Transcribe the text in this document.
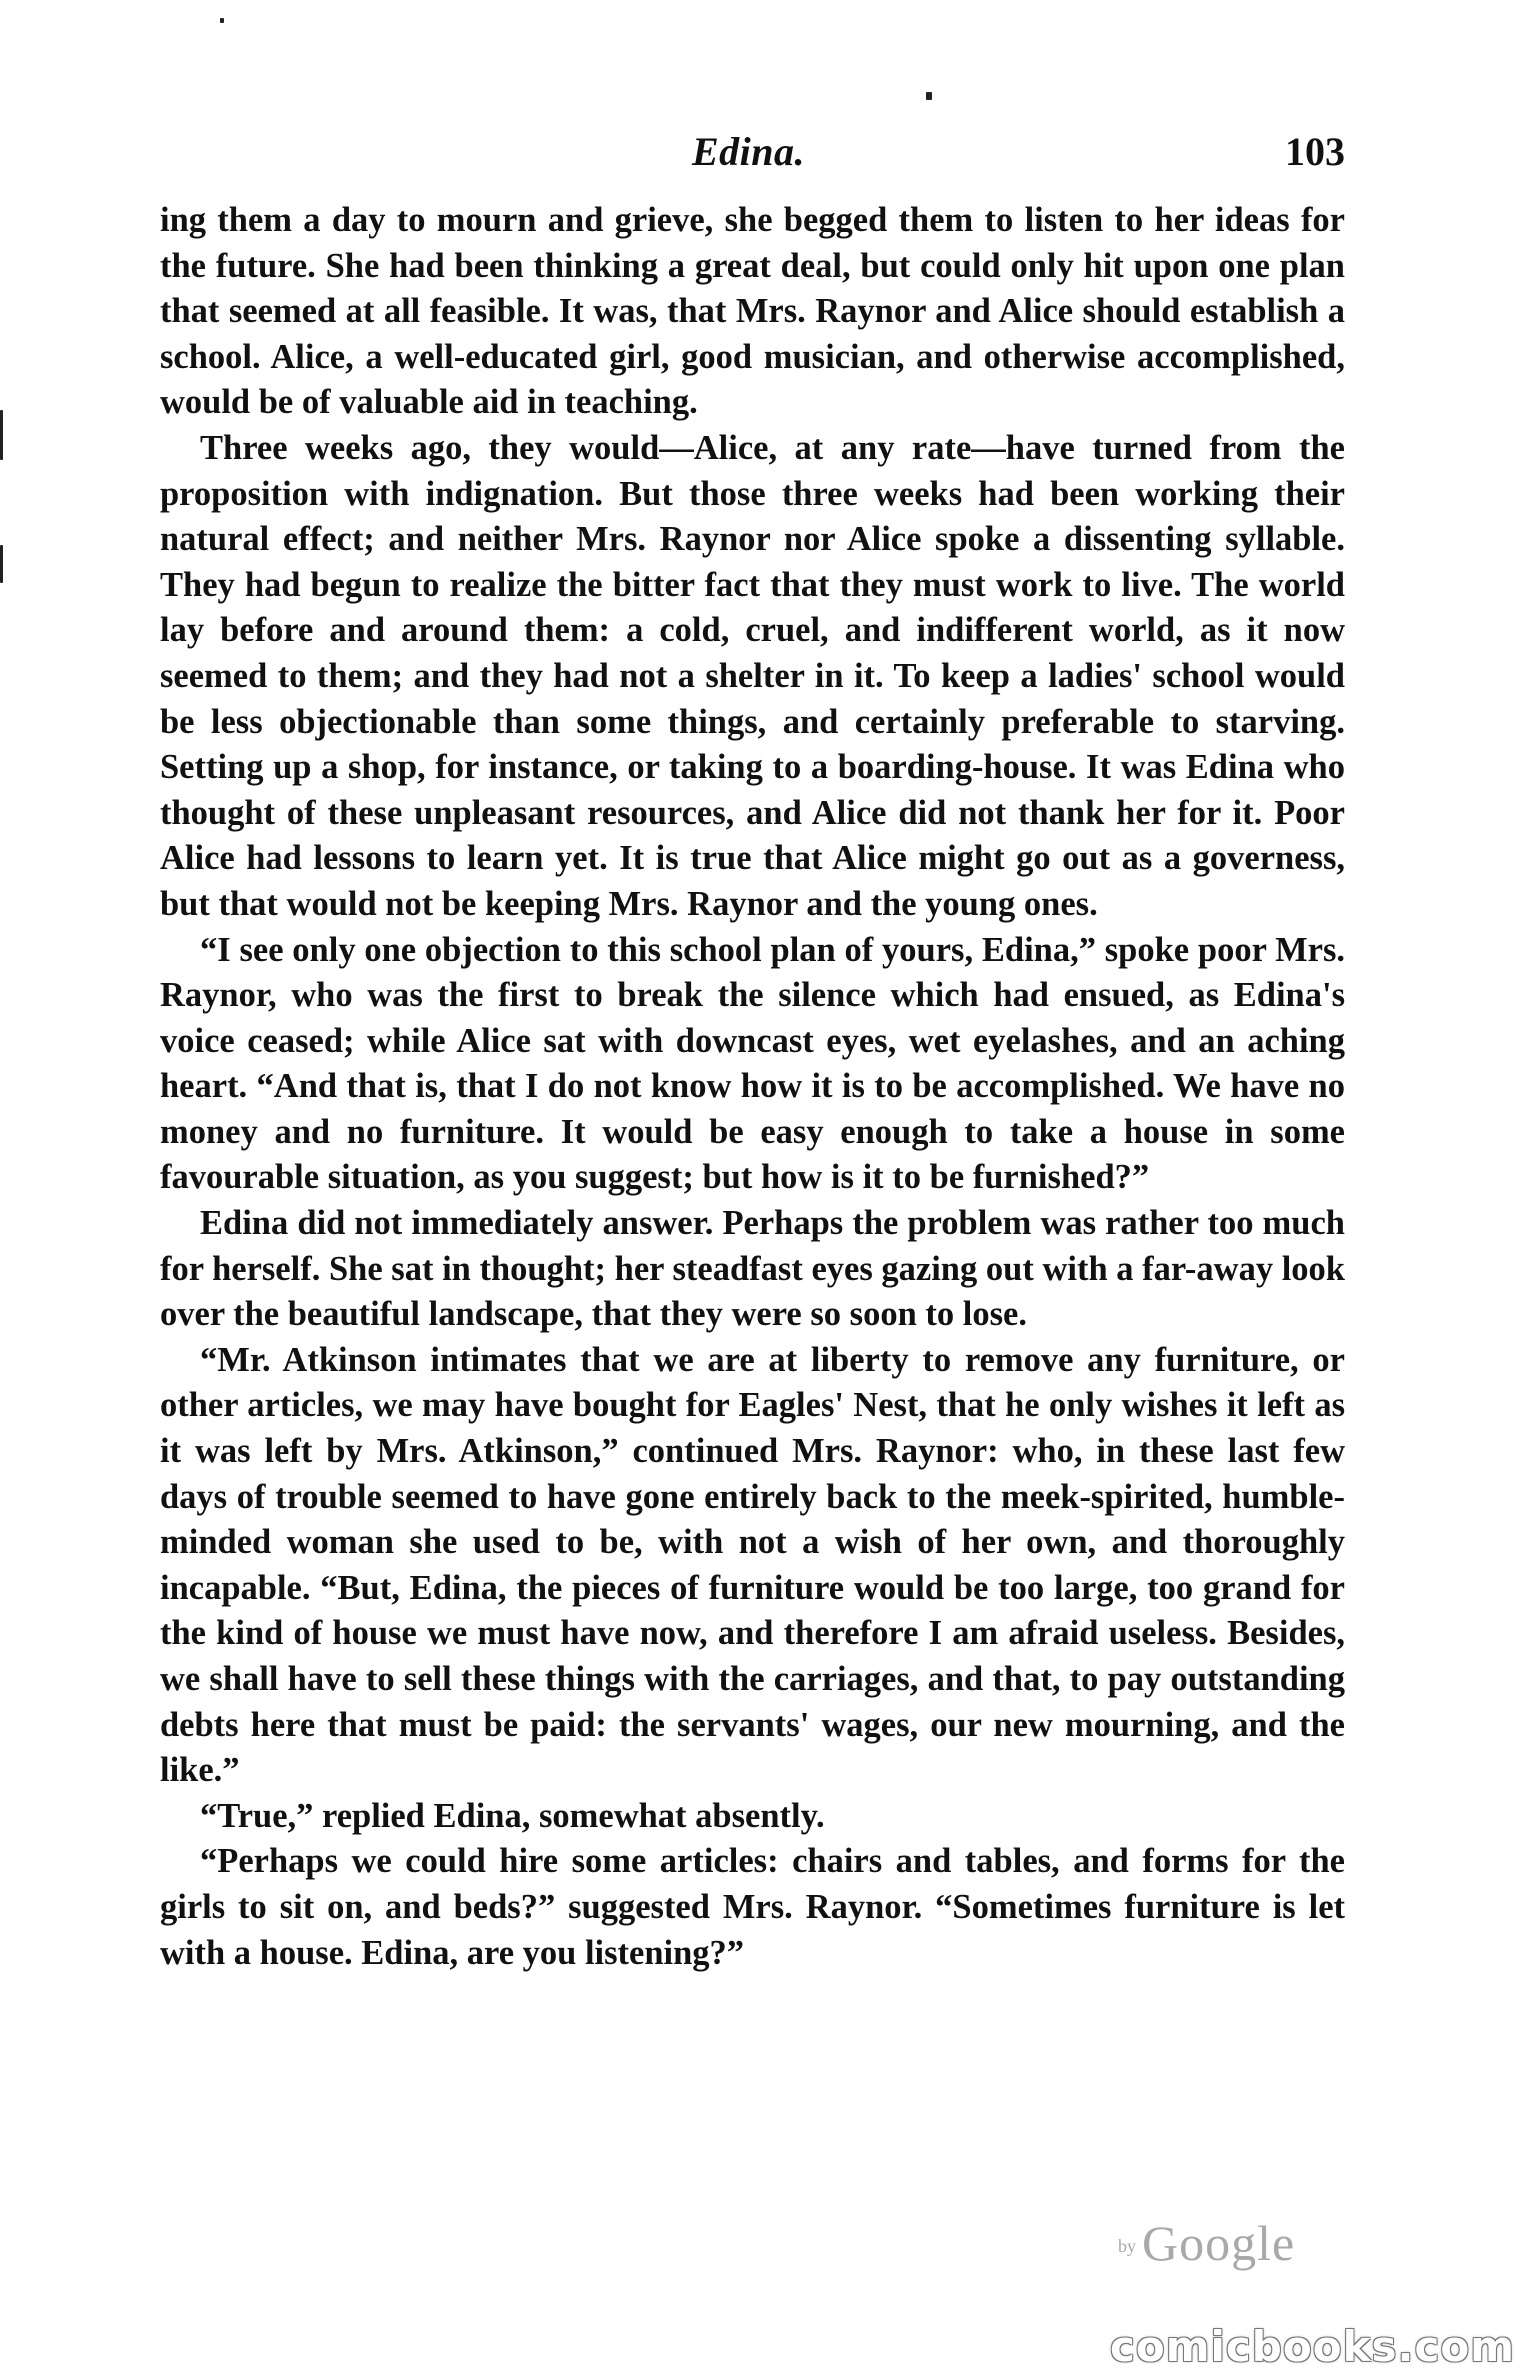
Edina.	103

ing them a day to mourn and grieve, she begged them to listen to her ideas for the future. She had been thinking a great deal, but could only hit upon one plan that seemed at all feasible. It was, that Mrs. Raynor and Alice should establish a school. Alice, a well-educated girl, good musician, and otherwise accomplished, would be of valuable aid in teaching.

Three weeks ago, they would—Alice, at any rate—have turned from the proposition with indignation. But those three weeks had been working their natural effect; and neither Mrs. Raynor nor Alice spoke a dissenting syllable. They had begun to realize the bitter fact that they must work to live. The world lay before and around them: a cold, cruel, and indifferent world, as it now seemed to them; and they had not a shelter in it. To keep a ladies' school would be less objectionable than some things, and certainly preferable to starving. Setting up a shop, for instance, or taking to a boarding-house. It was Edina who thought of these unpleasant resources, and Alice did not thank her for it. Poor Alice had lessons to learn yet. It is true that Alice might go out as a governess, but that would not be keeping Mrs. Raynor and the young ones.

“I see only one objection to this school plan of yours, Edina,” spoke poor Mrs. Raynor, who was the first to break the silence which had ensued, as Edina's voice ceased; while Alice sat with downcast eyes, wet eyelashes, and an aching heart. “And that is, that I do not know how it is to be accomplished. We have no money and no furniture. It would be easy enough to take a house in some favourable situation, as you suggest; but how is it to be furnished?”

Edina did not immediately answer. Perhaps the problem was rather too much for herself. She sat in thought; her steadfast eyes gazing out with a far-away look over the beautiful landscape, that they were so soon to lose.

“Mr. Atkinson intimates that we are at liberty to remove any furniture, or other articles, we may have bought for Eagles' Nest, that he only wishes it left as it was left by Mrs. Atkinson,” continued Mrs. Raynor: who, in these last few days of trouble seemed to have gone entirely back to the meek-spirited, humble-minded woman she used to be, with not a wish of her own, and thoroughly incapable. “But, Edina, the pieces of furniture would be too large, too grand for the kind of house we must have now, and therefore I am afraid useless. Besides, we shall have to sell these things with the carriages, and that, to pay outstanding debts here that must be paid: the servants' wages, our new mourning, and the like.”

“True,” replied Edina, somewhat absently.

“Perhaps we could hire some articles: chairs and tables, and forms for the girls to sit on, and beds?” suggested Mrs. Raynor. “Sometimes furniture is let with a house. Edina, are you listening?”

by Google
comicbooks.com
